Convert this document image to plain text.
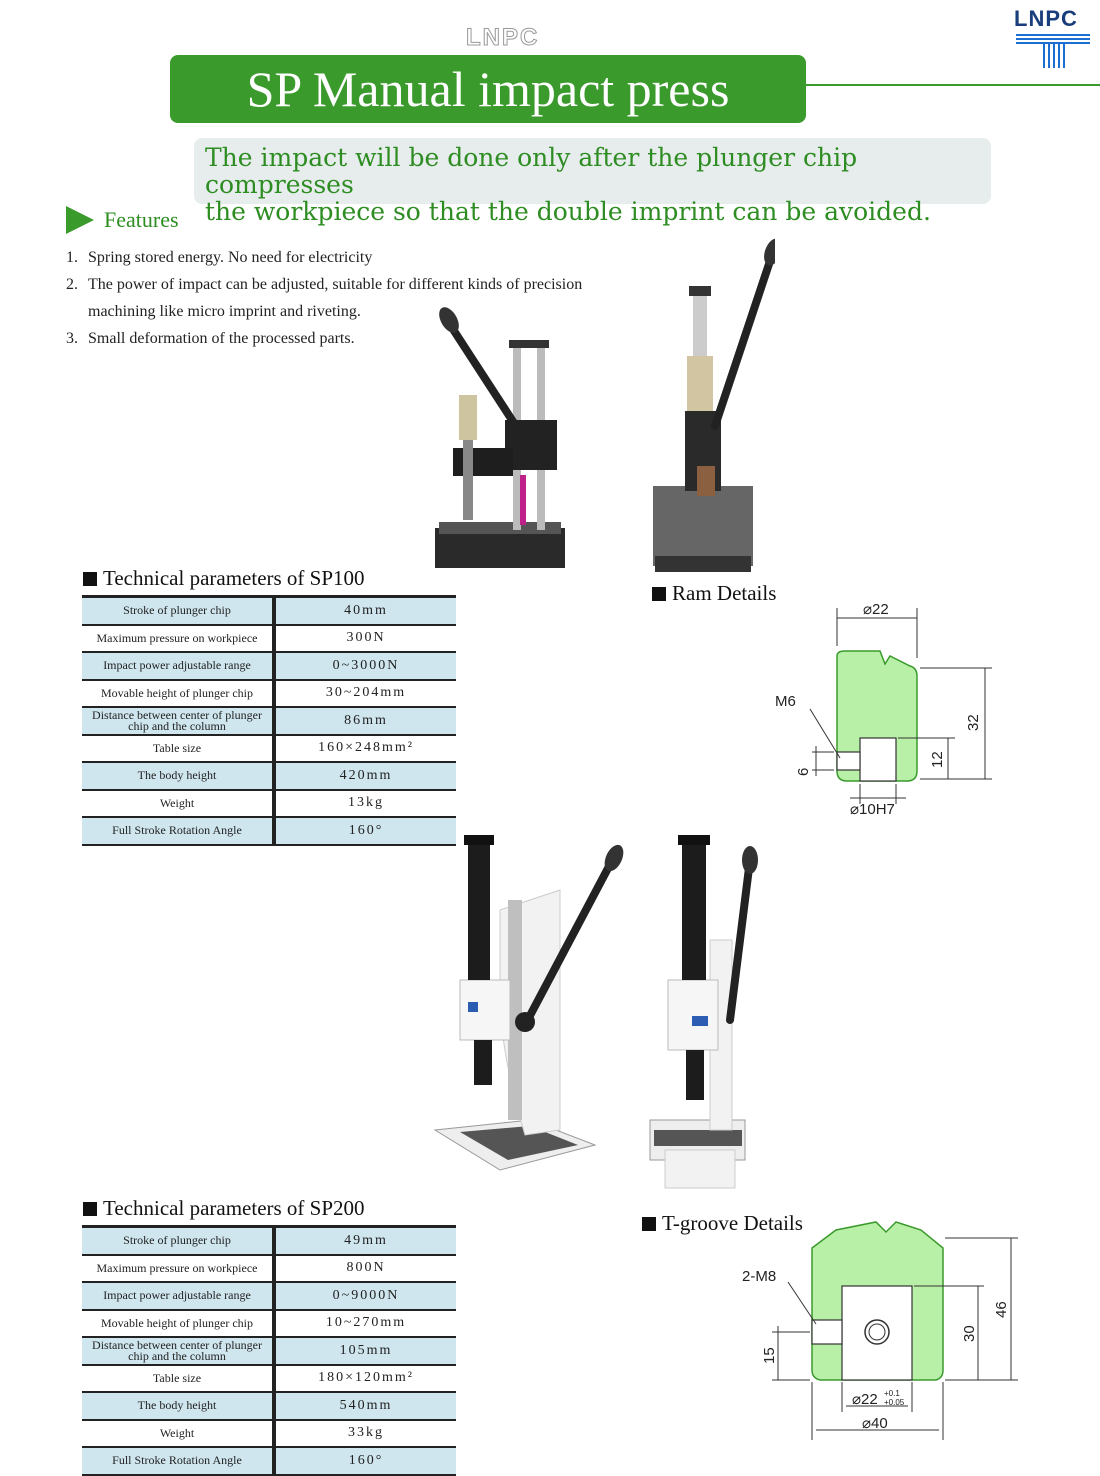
LNPC
LNPC
SP Manual impact press
The impact will be done only after the plunger chip compresses
the workpiece so that the double imprint can be avoided.
Features
1. Spring stored energy. No need for electricity
2. The power of impact can be adjusted, suitable for different kinds of precision machining like micro imprint and riveting.
3. Small deformation of the processed parts.
Technical parameters of SP100
Stroke of plunger chip	40mm
Maximum pressure on workpiece	300N
Impact power adjustable range	0~3000N
Movable height of plunger chip	30~204mm
Distance between center of plunger chip and the column	86mm
Table size	160×248mm²
The body height	420mm
Weight	13kg
Full Stroke Rotation Angle	160°
Ram Details
⌀22
32
12
6
M6
⌀10H7
Technical parameters of SP200
Stroke of plunger chip	49mm
Maximum pressure on workpiece	800N
Impact power adjustable range	0~9000N
Movable height of plunger chip	10~270mm
Distance between center of plunger chip and the column	105mm
Table size	180×120mm²
The body height	540mm
Weight	33kg
Full Stroke Rotation Angle	160°
T-groove Details
46
30
15
2-M8
⌀22 +0.1
+0.05
⌀40
